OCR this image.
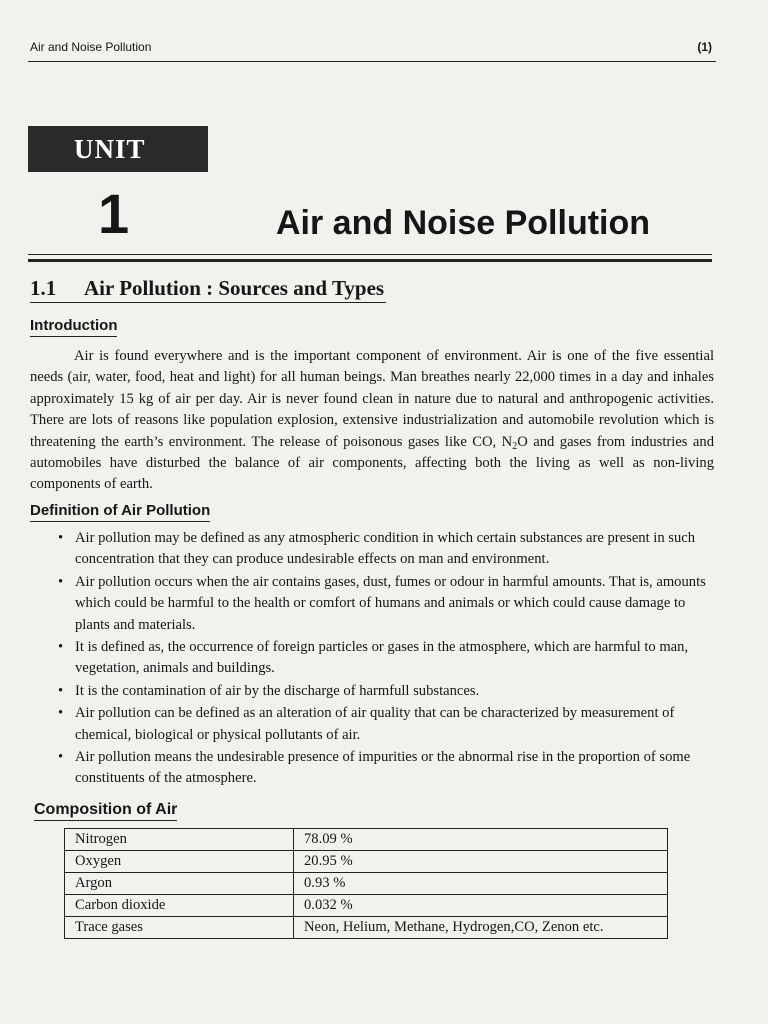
Air and Noise Pollution	(1)
UNIT
1	Air and Noise Pollution
1.1 Air Pollution : Sources and Types
Introduction
Air is found everywhere and is the important component of environment. Air is one of the five essential needs (air, water, food, heat and light) for all human beings. Man breathes nearly 22,000 times in a day and inhales approximately 15 kg of air per day. Air is never found clean in nature due to natural and anthropogenic activities. There are lots of reasons like population explosion, extensive industrialization and automobile revolution which is threatening the earth’s environment. The release of poisonous gases like CO, $N_2O$ and gases from industries and automobiles have disturbed the balance of air components, affecting both the living as well as non-living components of earth.
Definition of Air Pollution
• Air pollution may be defined as any atmospheric condition in which certain substances are present in such concentration that they can produce undesirable effects on man and environment.
• Air pollution occurs when the air contains gases, dust, fumes or odour in harmful amounts. That is, amounts which could be harmful to the health or comfort of humans and animals or which could cause damage to plants and materials.
• It is defined as, the occurrence of foreign particles or gases in the atmosphere, which are harmful to man, vegetation, animals and buildings.
• It is the contamination of air by the discharge of harmfull substances.
• Air pollution can be defined as an alteration of air quality that can be characterized by measurement of chemical, biological or physical pollutants of air.
• Air pollution means the undesirable presence of impurities or the abnormal rise in the proportion of some constituents of the atmosphere.
Composition of Air
Nitrogen	78.09 %
Oxygen	20.95 %
Argon	0.93 %
Carbon dioxide	0.032 %
Trace gases	Neon, Helium, Methane, Hydrogen,CO, Zenon etc.
